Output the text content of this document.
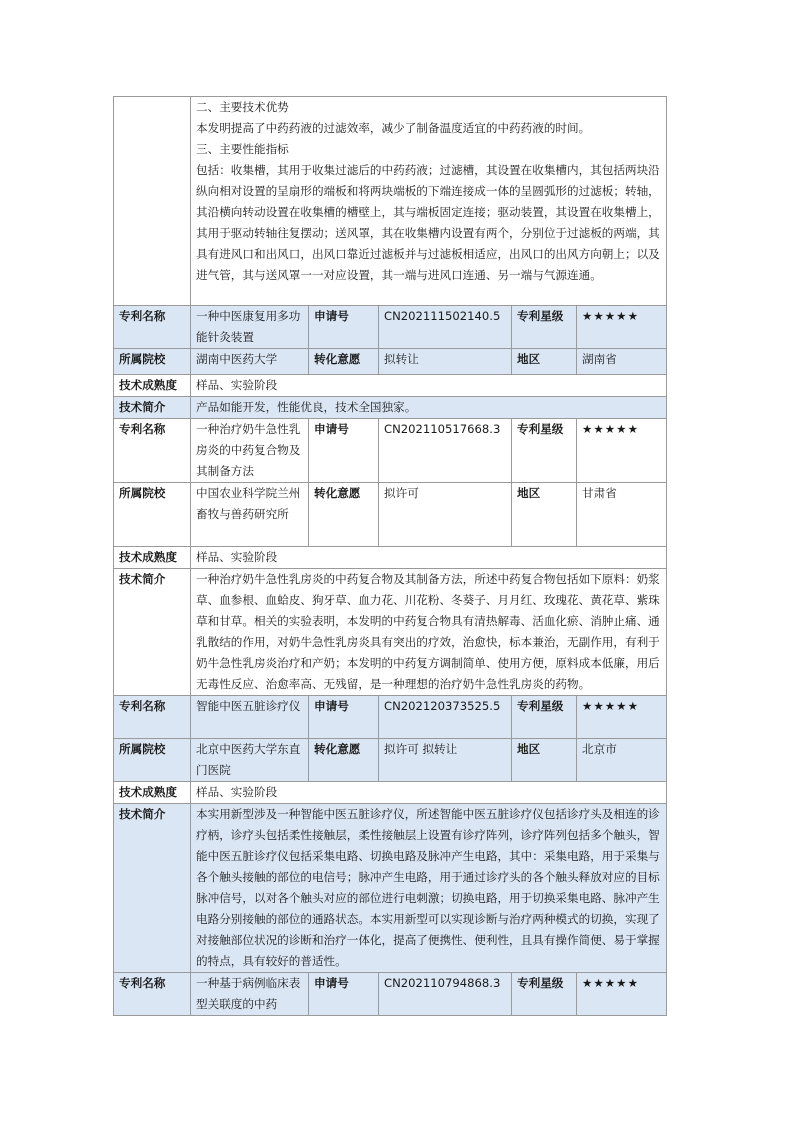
	二、主要技术优势
本发明提高了中药药液的过滤效率，减少了制备温度适宜的中药药液的时间。
三、主要性能指标
包括：收集槽，其用于收集过滤后的中药药液；过滤槽，其设置在收集槽内，其包括两块沿纵向相对设置的呈扇形的端板和将两块端板的下端连接成一体的呈圆弧形的过滤板；转轴，其沿横向转动设置在收集槽的槽壁上，其与端板固定连接；驱动装置，其设置在收集槽上，其用于驱动转轴往复摆动；送风罩，其在收集槽内设置有两个，分别位于过滤板的两端，其具有进风口和出风口，出风口靠近过滤板并与过滤板相适应，出风口的出风方向朝上；以及进气管，其与送风罩一一对应设置，其一端与进风口连通、另一端与气源连通。				

专利名称	一种中医康复用多功能针灸装置	申请号	CN202111502140.5	专利星级	★★★★★
所属院校	湖南中医药大学	转化意愿	拟转让	地区	湖南省
技术成熟度	样品、实验阶段				
技术简介	产品如能开发，性能优良，技术全国独家。				
专利名称	一种治疗奶牛急性乳房炎的中药复合物及其制备方法	申请号	CN202110517668.3	专利星级	★★★★★
所属院校	中国农业科学院兰州畜牧与兽药研究所	转化意愿	拟许可	地区	甘肃省
技术成熟度	样品、实验阶段				
技术简介	一种治疗奶牛急性乳房炎的中药复合物及其制备方法，所述中药复合物包括如下原料：奶浆草、血参根、血蛤皮、狗牙草、血力花、川花粉、冬葵子、月月红、玫瑰花、黄花草、紫珠草和甘草。相关的实验表明，本发明的中药复合物具有清热解毒、活血化瘀、消肿止痛、通乳散结的作用，对奶牛急性乳房炎具有突出的疗效，治愈快，标本兼治，无副作用，有利于奶牛急性乳房炎治疗和产奶；本发明的中药复方调制简单、使用方便，原料成本低廉，用后无毒性反应、治愈率高、无残留，是一种理想的治疗奶牛急性乳房炎的药物。				
专利名称	智能中医五脏诊疗仪	申请号	CN202120373525.5	专利星级	★★★★★
所属院校	北京中医药大学东直门医院	转化意愿	拟许可 拟转让	地区	北京市
技术成熟度	样品、实验阶段				
技术简介	本实用新型涉及一种智能中医五脏诊疗仪，所述智能中医五脏诊疗仪包括诊疗头及相连的诊疗柄，诊疗头包括柔性接触层，柔性接触层上设置有诊疗阵列，诊疗阵列包括多个触头，智能中医五脏诊疗仪包括采集电路、切换电路及脉冲产生电路，其中：采集电路，用于采集与各个触头接触的部位的电信号；脉冲产生电路，用于通过诊疗头的各个触头释放对应的目标脉冲信号，以对各个触头对应的部位进行电刺激；切换电路，用于切换采集电路、脉冲产生电路分别接触的部位的通路状态。本实用新型可以实现诊断与治疗两种模式的切换，实现了对接触部位状况的诊断和治疗一体化，提高了便携性、便利性，且具有操作简便、易于掌握的特点，具有较好的普适性。				
专利名称	一种基于病例临床表型关联度的中药	申请号	CN202110794868.3	专利星级	★★★★★
